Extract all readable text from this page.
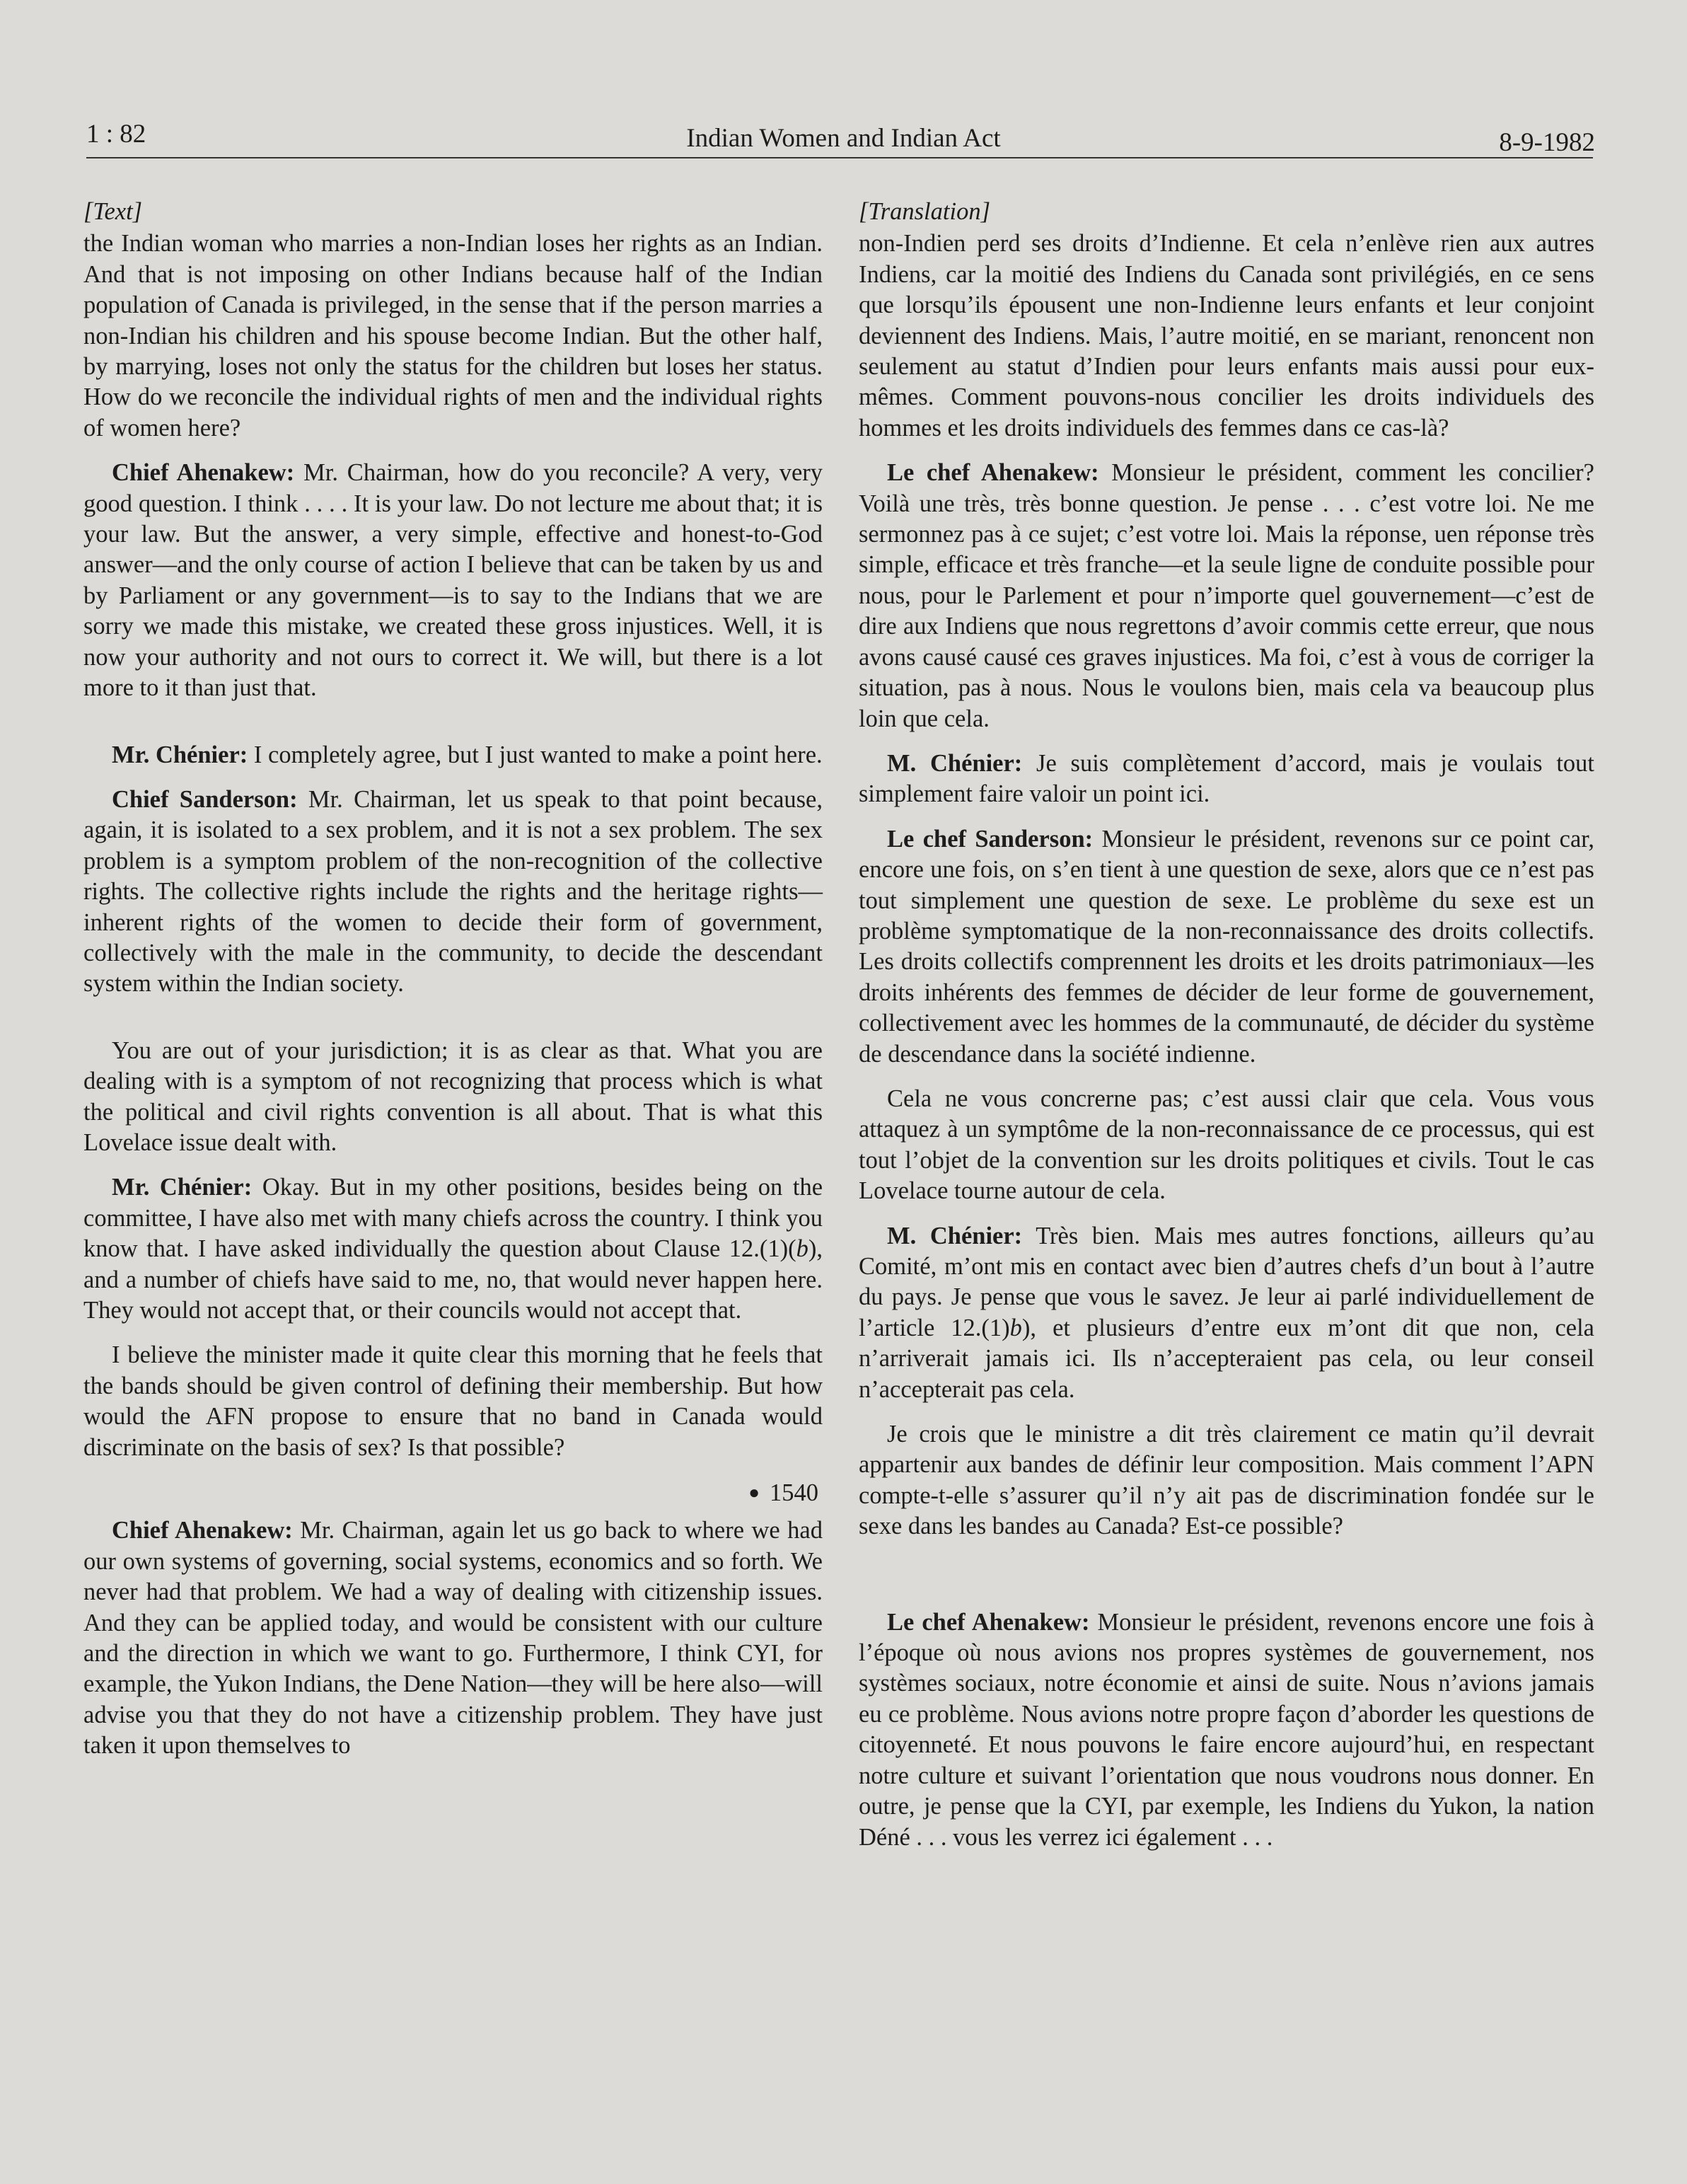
1 : 82	Indian Women and Indian Act	8-9-1982
[Text]

the Indian woman who marries a non-Indian loses her rights as an Indian. And that is not imposing on other Indians because half of the Indian population of Canada is privileged, in the sense that if the person marries a non-Indian his children and his spouse become Indian. But the other half, by marrying, loses not only the status for the children but loses her status. How do we reconcile the individual rights of men and the individual rights of women here?

Chief Ahenakew: Mr. Chairman, how do you reconcile? A very, very good question. I think . . . . It is your law. Do not lecture me about that; it is your law. But the answer, a very simple, effective and honest-to-God answer—and the only course of action I believe that can be taken by us and by Parliament or any government—is to say to the Indians that we are sorry we made this mistake, we created these gross injustices. Well, it is now your authority and not ours to correct it. We will, but there is a lot more to it than just that.

Mr. Chénier: I completely agree, but I just wanted to make a point here.

Chief Sanderson: Mr. Chairman, let us speak to that point because, again, it is isolated to a sex problem, and it is not a sex problem. The sex problem is a symptom problem of the non-recognition of the collective rights. The collective rights include the rights and the heritage rights—inherent rights of the women to decide their form of government, collectively with the male in the community, to decide the descendant system within the Indian society.

You are out of your jurisdiction; it is as clear as that. What you are dealing with is a symptom of not recognizing that process which is what the political and civil rights convention is all about. That is what this Lovelace issue dealt with.

Mr. Chénier: Okay. But in my other positions, besides being on the committee, I have also met with many chiefs across the country. I think you know that. I have asked individually the question about Clause 12.(1)(b), and a number of chiefs have said to me, no, that would never happen here. They would not accept that, or their councils would not accept that.

I believe the minister made it quite clear this morning that he feels that the bands should be given control of defining their membership. But how would the AFN propose to ensure that no band in Canada would discriminate on the basis of sex? Is that possible?

● 1540

Chief Ahenakew: Mr. Chairman, again let us go back to where we had our own systems of governing, social systems, economics and so forth. We never had that problem. We had a way of dealing with citizenship issues. And they can be applied today, and would be consistent with our culture and the direction in which we want to go. Furthermore, I think CYI, for example, the Yukon Indians, the Dene Nation—they will be here also—will advise you that they do not have a citizenship problem. They have just taken it upon themselves to

[Translation]

non-Indien perd ses droits d’Indienne. Et cela n’enlève rien aux autres Indiens, car la moitié des Indiens du Canada sont privilégiés, en ce sens que lorsqu’ils épousent une non-Indienne leurs enfants et leur conjoint deviennent des Indiens. Mais, l’autre moitié, en se mariant, renoncent non seulement au statut d’Indien pour leurs enfants mais aussi pour eux-mêmes. Comment pouvons-nous concilier les droits individuels des hommes et les droits individuels des femmes dans ce cas-là?

Le chef Ahenakew: Monsieur le président, comment les concilier? Voilà une très, très bonne question. Je pense . . . c’est votre loi. Ne me sermonnez pas à ce sujet; c’est votre loi. Mais la réponse, uen réponse très simple, efficace et très franche—et la seule ligne de conduite possible pour nous, pour le Parlement et pour n’importe quel gouvernement—c’est de dire aux Indiens que nous regrettons d’avoir commis cette erreur, que nous avons causé causé ces graves injustices. Ma foi, c’est à vous de corriger la situation, pas à nous. Nous le voulons bien, mais cela va beaucoup plus loin que cela.

M. Chénier: Je suis complètement d’accord, mais je voulais tout simplement faire valoir un point ici.

Le chef Sanderson: Monsieur le président, revenons sur ce point car, encore une fois, on s’en tient à une question de sexe, alors que ce n’est pas tout simplement une question de sexe. Le problème du sexe est un problème symptomatique de la non-reconnaissance des droits collectifs. Les droits collectifs comprennent les droits et les droits patrimoniaux—les droits inhérents des femmes de décider de leur forme de gouvernement, collectivement avec les hommes de la communauté, de décider du système de descendance dans la société indienne.

Cela ne vous concrerne pas; c’est aussi clair que cela. Vous vous attaquez à un symptôme de la non-reconnaissance de ce processus, qui est tout l’objet de la convention sur les droits politiques et civils. Tout le cas Lovelace tourne autour de cela.

M. Chénier: Très bien. Mais mes autres fonctions, ailleurs qu’au Comité, m’ont mis en contact avec bien d’autres chefs d’un bout à l’autre du pays. Je pense que vous le savez. Je leur ai parlé individuellement de l’article 12.(1)b), et plusieurs d’entre eux m’ont dit que non, cela n’arriverait jamais ici. Ils n’accepteraient pas cela, ou leur conseil n’accepterait pas cela.

Je crois que le ministre a dit très clairement ce matin qu’il devrait appartenir aux bandes de définir leur composition. Mais comment l’APN compte-t-elle s’assurer qu’il n’y ait pas de discrimination fondée sur le sexe dans les bandes au Canada? Est-ce possible?

Le chef Ahenakew: Monsieur le président, revenons encore une fois à l’époque où nous avions nos propres systèmes de gouvernement, nos systèmes sociaux, notre économie et ainsi de suite. Nous n’avions jamais eu ce problème. Nous avions notre propre façon d’aborder les questions de citoyenneté. Et nous pouvons le faire encore aujourd’hui, en respectant notre culture et suivant l’orientation que nous voudrons nous donner. En outre, je pense que la CYI, par exemple, les Indiens du Yukon, la nation Déné . . . vous les verrez ici également . . .
